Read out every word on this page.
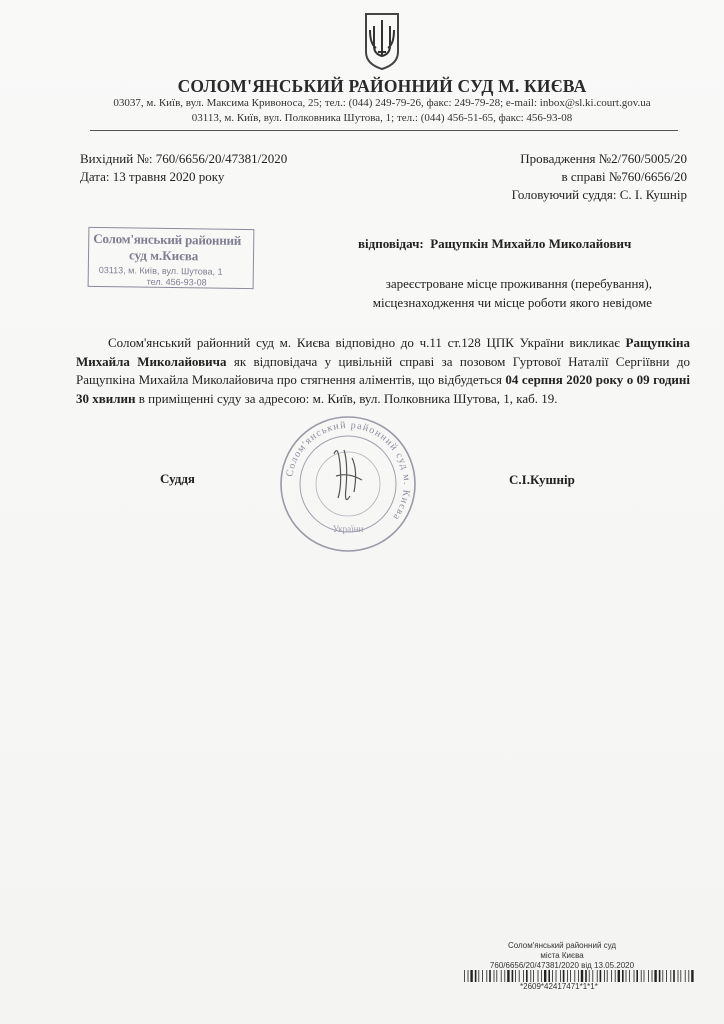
СОЛОМ'ЯНСЬКИЙ РАЙОННИЙ СУД М. КИЄВА
03037, м. Київ, вул. Максима Кривоноса, 25; тел.: (044) 249-79-26, факс: 249-79-28; e-mail: inbox@sl.ki.court.gov.ua
03113, м. Київ, вул. Полковника Шутова, 1; тел.: (044) 456-51-65, факс: 456-93-08
Вихідний №: 760/6656/20/47381/2020
Дата: 13 травня 2020 року
Провадження №2/760/5005/20
в справі №760/6656/20
Головуючий суддя: С. І. Кушнір
Солом'янський районний
суд м.Києва
03113, м. Київ, вул. Шутова, 1
тел. 456-93-08
відповідач: Ращупкін Михайло Миколайович
зареєстроване місце проживання (перебування),
місцезнаходження чи місце роботи якого невідоме

Солом'янський районний суд м. Києва відповідно до ч.11 ст.128 ЦПК України викликає Ращупкіна Михайла Миколайовича як відповідача у цивільній справі за позовом Гуртової Наталії Сергіївни до Ращупкіна Михайла Миколайовича про стягнення аліментів, що відбудеться 04 серпня 2020 року о 09 годині 30 хвилин в приміщенні суду за адресою: м. Київ, вул. Полковника Шутова, 1, каб. 19.

Солом'янський районний суд м. Києва
України
Суддя	С.І.Кушнір
Солом'янський районний суд
міста Києва
760/6656/20/47381/2020 від 13.05.2020
*2609*42417471*1*1*
